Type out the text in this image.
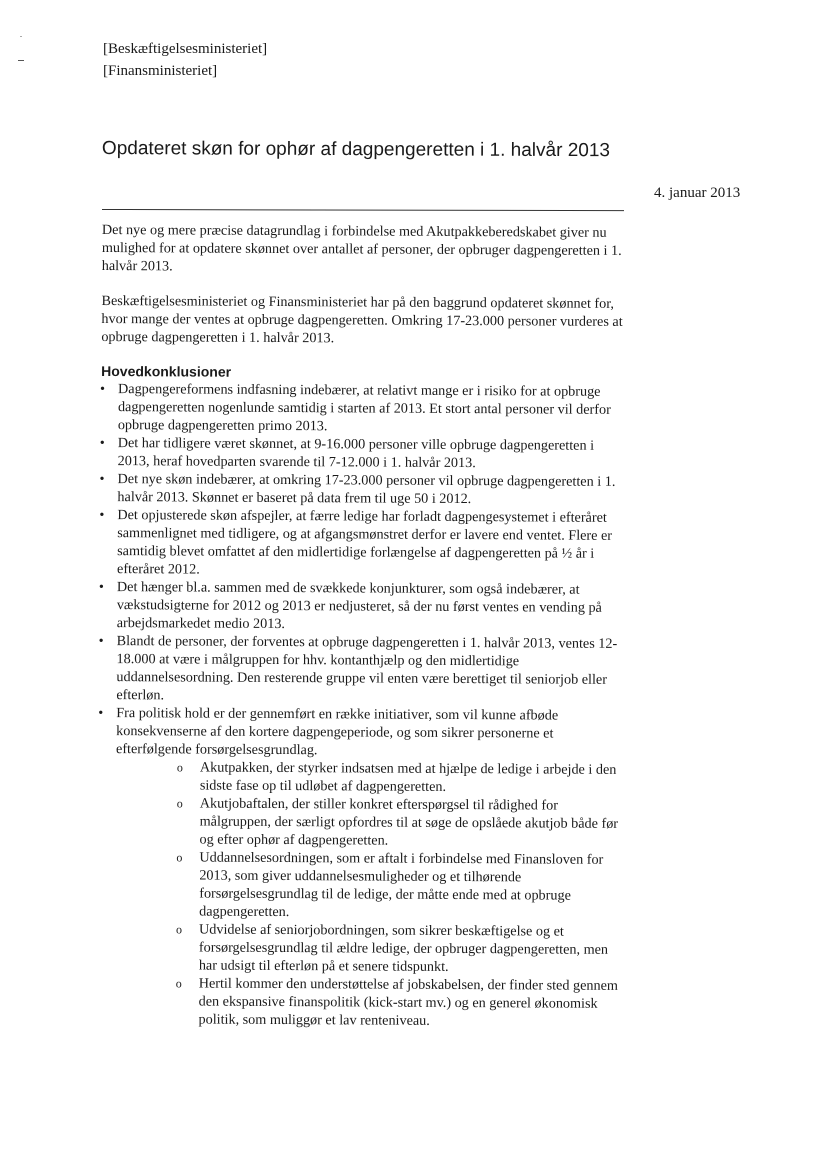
[Beskæftigelsesministeriet]
[Finansministeriet]
Opdateret skøn for ophør af dagpengeretten i 1. halvår 2013
4. januar 2013

Det nye og mere præcise datagrundlag i forbindelse med Akutpakkeberedskabet giver nu mulighed for at opdatere skønnet over antallet af personer, der opbruger dagpengeretten i 1. halvår 2013.

Beskæftigelsesministeriet og Finansministeriet har på den baggrund opdateret skønnet for, hvor mange der ventes at opbruge dagpengeretten. Omkring 17-23.000 personer vurderes at opbruge dagpengeretten i 1. halvår 2013.

Hovedkonklusioner

• Dagpengereformens indfasning indebærer, at relativt mange er i risiko for at opbruge dagpengeretten nogenlunde samtidig i starten af 2013. Et stort antal personer vil derfor opbruge dagpengeretten primo 2013.
• Det har tidligere været skønnet, at 9-16.000 personer ville opbruge dagpengeretten i 2013, heraf hovedparten svarende til 7-12.000 i 1. halvår 2013.
• Det nye skøn indebærer, at omkring 17-23.000 personer vil opbruge dagpengeretten i 1. halvår 2013. Skønnet er baseret på data frem til uge 50 i 2012.
• Det opjusterede skøn afspejler, at færre ledige har forladt dagpengesystemet i efteråret sammenlignet med tidligere, og at afgangsmønstret derfor er lavere end ventet. Flere er samtidig blevet omfattet af den midlertidige forlængelse af dagpengeretten på ½ år i efteråret 2012.
• Det hænger bl.a. sammen med de svækkede konjunkturer, som også indebærer, at vækstudsigterne for 2012 og 2013 er nedjusteret, så der nu først ventes en vending på arbejdsmarkedet medio 2013.
• Blandt de personer, der forventes at opbruge dagpengeretten i 1. halvår 2013, ventes 12-18.000 at være i målgruppen for hhv. kontanthjælp og den midlertidige uddannelsesordning. Den resterende gruppe vil enten være berettiget til seniorjob eller efterløn.
• Fra politisk hold er der gennemført en række initiativer, som vil kunne afbøde konsekvenserne af den kortere dagpengeperiode, og som sikrer personerne et efterfølgende forsørgelsesgrundlag.
o Akutpakken, der styrker indsatsen med at hjælpe de ledige i arbejde i den sidste fase op til udløbet af dagpengeretten.
o Akutjobaftalen, der stiller konkret efterspørgsel til rådighed for målgruppen, der særligt opfordres til at søge de opslåede akutjob både før og efter ophør af dagpengeretten.
o Uddannelsesordningen, som er aftalt i forbindelse med Finansloven for 2013, som giver uddannelsesmuligheder og et tilhørende forsørgelsesgrundlag til de ledige, der måtte ende med at opbruge dagpengeretten.
o Udvidelse af seniorjobordningen, som sikrer beskæftigelse og et forsørgelsesgrundlag til ældre ledige, der opbruger dagpengeretten, men har udsigt til efterløn på et senere tidspunkt.
o Hertil kommer den understøttelse af jobskabelsen, der finder sted gennem den ekspansive finanspolitik (kick-start mv.) og en generel økonomisk politik, som muliggør et lav renteniveau.
